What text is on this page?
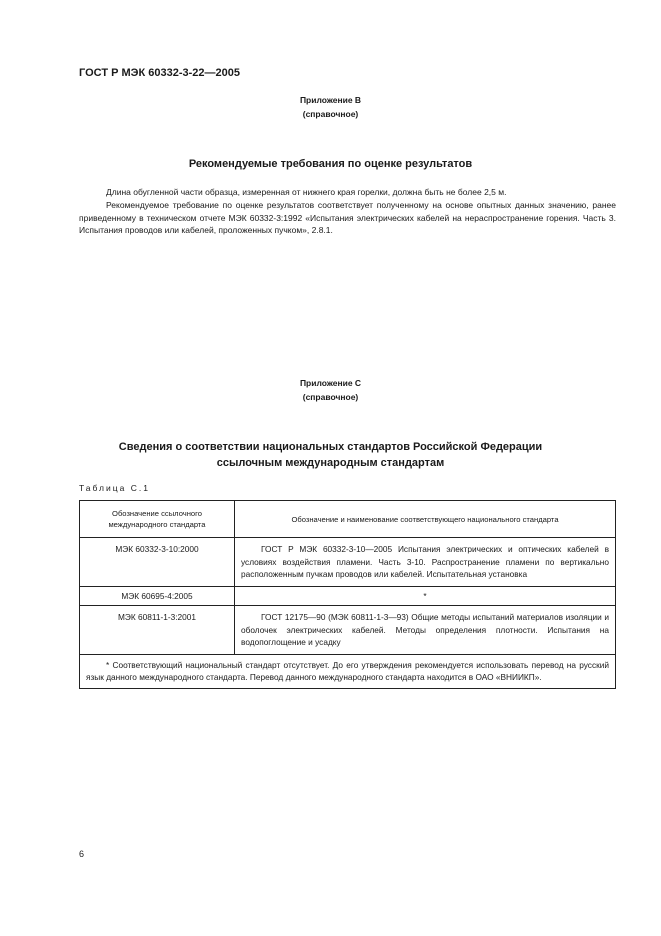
ГОСТ Р МЭК 60332-3-22—2005
Приложение В
(справочное)
Рекомендуемые требования по оценке результатов

Длина обугленной части образца, измеренная от нижнего края горелки, должна быть не более 2,5 м.

Рекомендуемое требование по оценке результатов соответствует полученному на основе опытных данных значению, ранее приведенному в техническом отчете МЭК 60332-3:1992 «Испытания электрических кабелей на нераспространение горения. Часть 3. Испытания проводов или кабелей, проложенных пучком», 2.8.1.

Приложение С
(справочное)
Сведения о соответствии национальных стандартов Российской Федерации
ссылочным международным стандартам
Таблица С.1
Обозначение ссылочного международного стандарта	Обозначение и наименование соответствующего национального стандарта
МЭК 60332-3-10:2000	ГОСТ Р МЭК 60332-3-10—2005 Испытания электрических и оптических кабелей в условиях воздействия пламени. Часть 3-10. Распространение пламени по вертикально расположенным пучкам проводов или кабелей. Испытательная установка
МЭК 60695-4:2005	*
МЭК 60811-1-3:2001	ГОСТ 12175—90 (МЭК 60811-1-3—93) Общие методы испытаний материалов изоляции и оболочек электрических кабелей. Методы определения плотности. Испытания на водопоглощение и усадку
* Соответствующий национальный стандарт отсутствует. До его утверждения рекомендуется использовать перевод на русский язык данного международного стандарта. Перевод данного международного стандарта находится в ОАО «ВНИИКП».	
6
